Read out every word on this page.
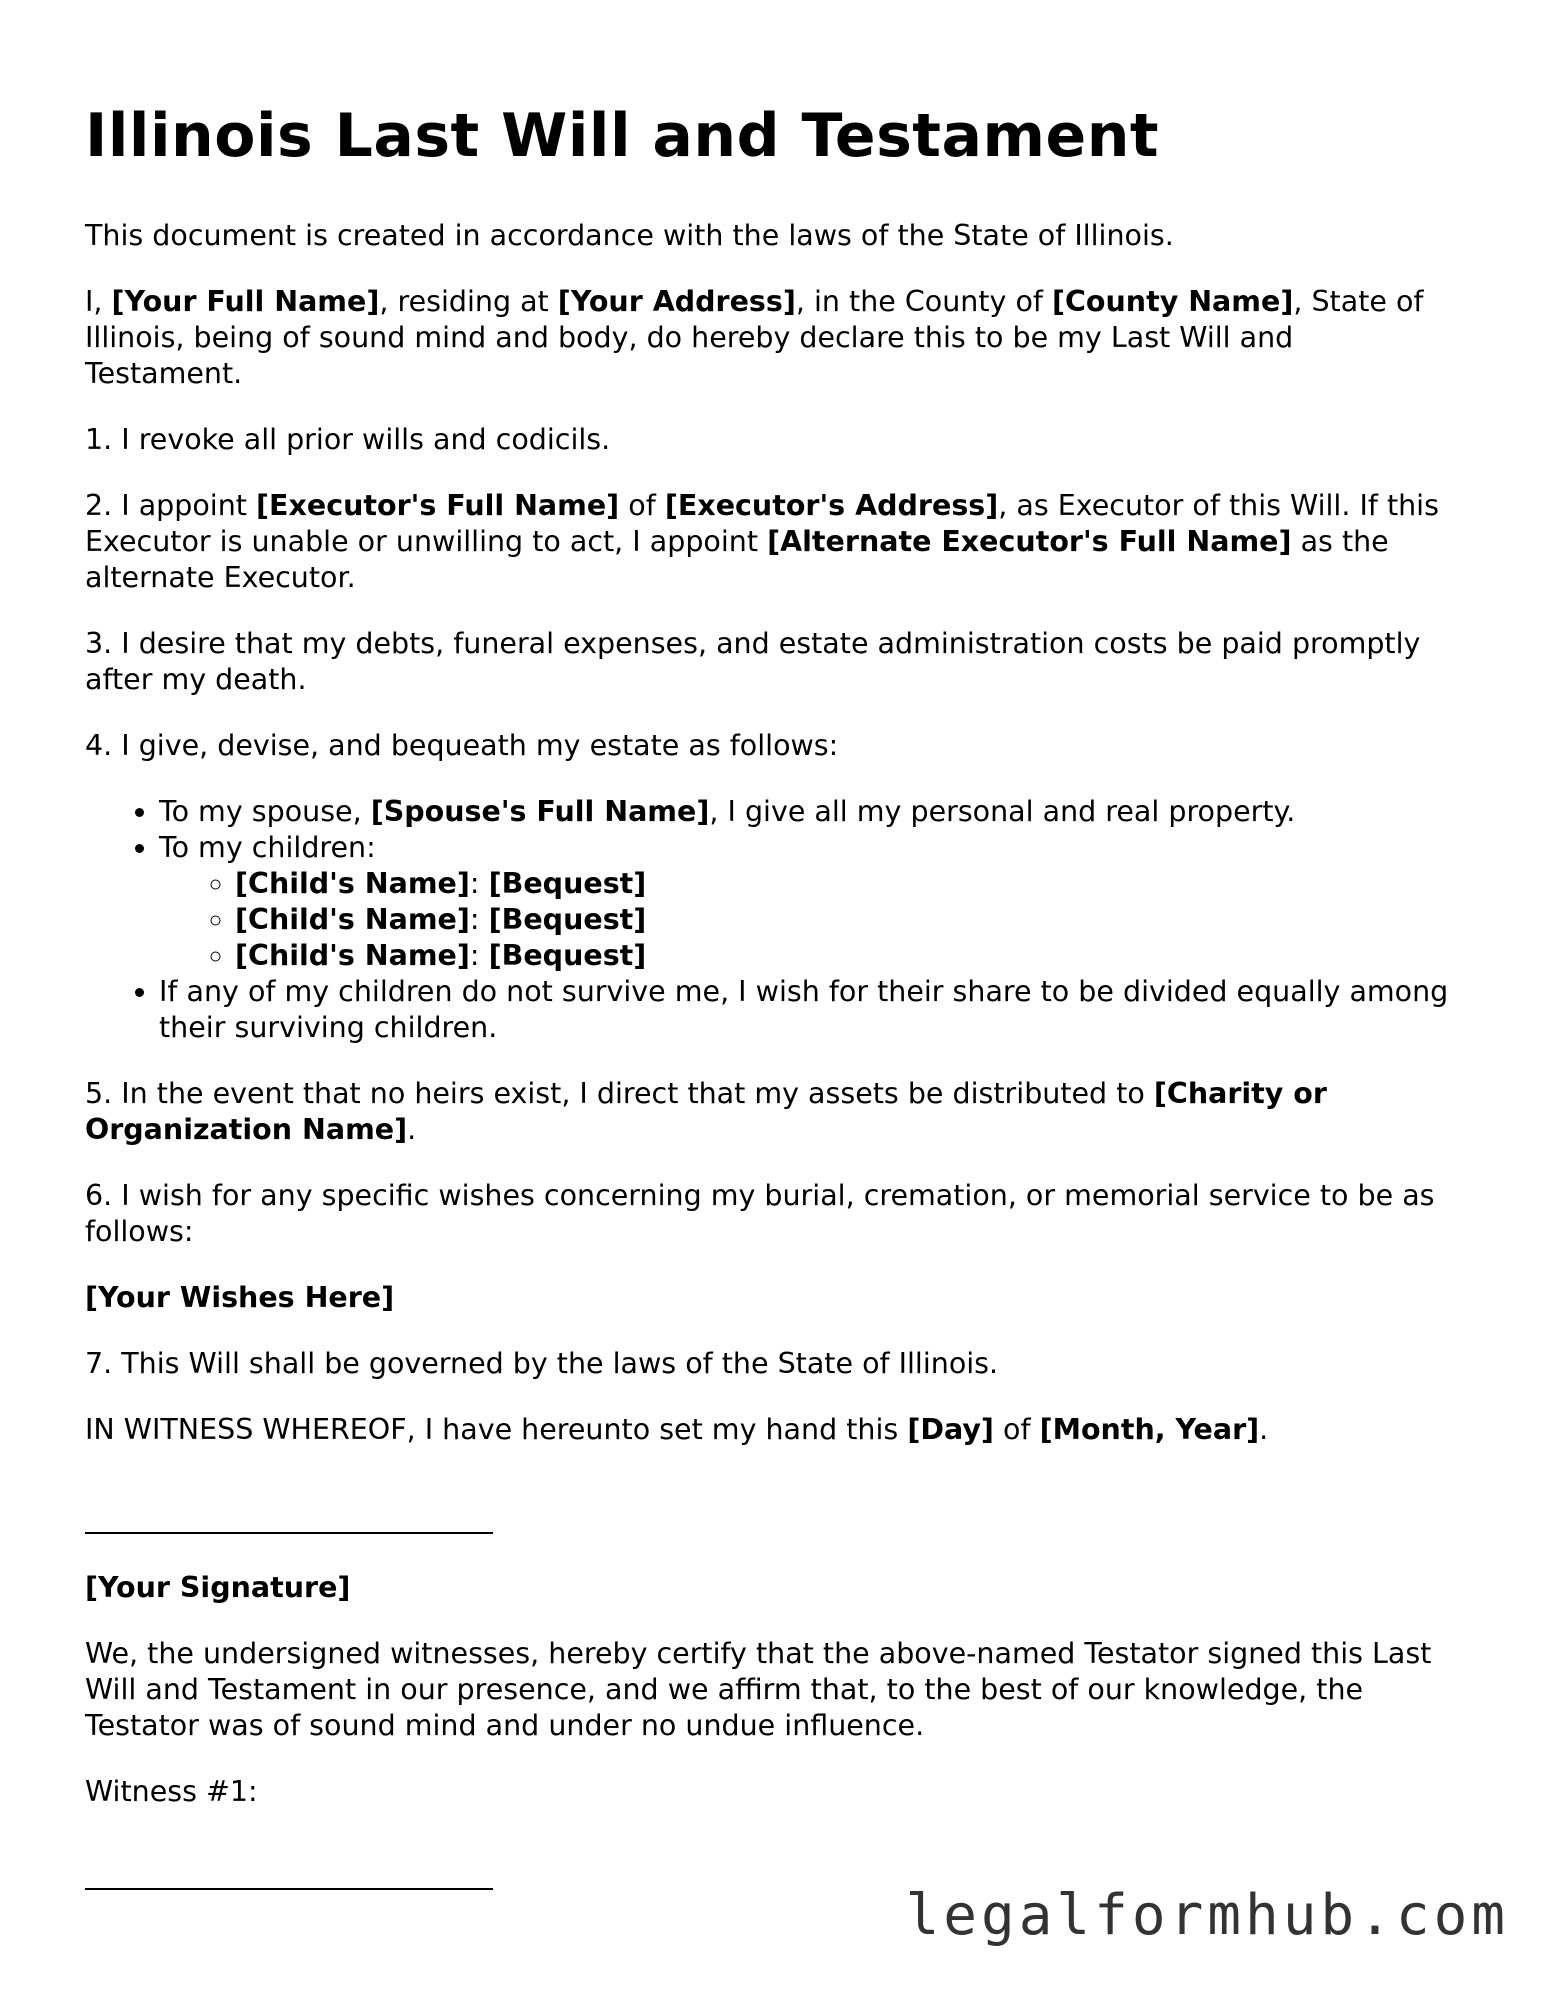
Illinois Last Will and Testament

This document is created in accordance with the laws of the State of Illinois.

I, [Your Full Name], residing at [Your Address], in the County of [County Name], State of Illinois, being of sound mind and body, do hereby declare this to be my Last Will and Testament.

1. I revoke all prior wills and codicils.

2. I appoint [Executor's Full Name] of [Executor's Address], as Executor of this Will. If this Executor is unable or unwilling to act, I appoint [Alternate Executor's Full Name] as the alternate Executor.

3. I desire that my debts, funeral expenses, and estate administration costs be paid promptly after my death.

4. I give, devise, and bequeath my estate as follows:

• To my spouse, [Spouse's Full Name], I give all my personal and real property.
• To my children:
◦ [Child's Name]: [Bequest]
◦ [Child's Name]: [Bequest]
◦ [Child's Name]: [Bequest]
• If any of my children do not survive me, I wish for their share to be divided equally among their surviving children.

5. In the event that no heirs exist, I direct that my assets be distributed to [Charity or Organization Name].

6. I wish for any specific wishes concerning my burial, cremation, or memorial service to be as follows:

[Your Wishes Here]

7. This Will shall be governed by the laws of the State of Illinois.

IN WITNESS WHEREOF, I have hereunto set my hand this [Day] of [Month, Year].

[Your Signature]

We, the undersigned witnesses, hereby certify that the above-named Testator signed this Last Will and Testament in our presence, and we affirm that, to the best of our knowledge, the Testator was of sound mind and under no undue influence.

Witness #1:

legalformhub.com
